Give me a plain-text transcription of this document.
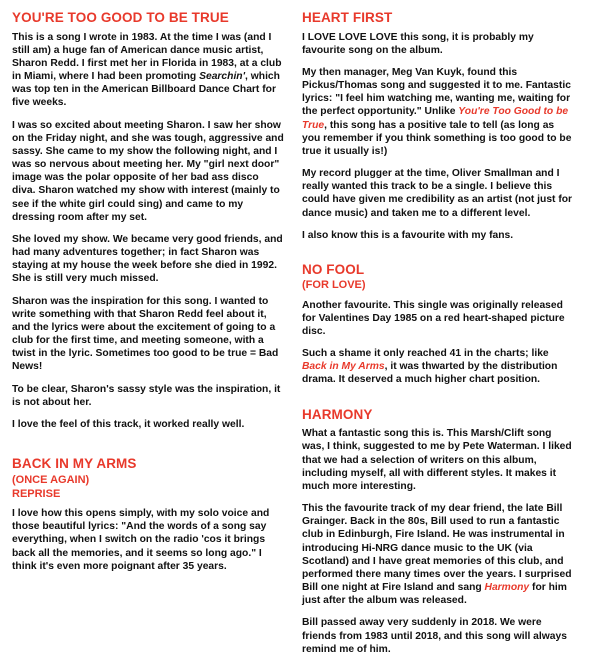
YOU'RE TOO GOOD TO BE TRUE

This is a song I wrote in 1983. At the time I was (and I still am) a huge fan of American dance music artist, Sharon Redd. I first met her in Florida in 1983, at a club in Miami, where I had been promoting Searchin', which was top ten in the American Billboard Dance Chart for five weeks.

I was so excited about meeting Sharon. I saw her show on the Friday night, and she was tough, aggressive and sassy. She came to my show the following night, and I was so nervous about meeting her. My "girl next door" image was the polar opposite of her bad ass disco diva. Sharon watched my show with interest (mainly to see if the white girl could sing) and came to my dressing room after my set.

She loved my show. We became very good friends, and had many adventures together; in fact Sharon was staying at my house the week before she died in 1992. She is still very much missed.

Sharon was the inspiration for this song. I wanted to write something with that Sharon Redd feel about it, and the lyrics were about the excitement of going to a club for the first time, and meeting someone, with a twist in the lyric. Sometimes too good to be true = Bad News!

To be clear, Sharon's sassy style was the inspiration, it is not about her.

I love the feel of this track, it worked really well.

BACK IN MY ARMS
(ONCE AGAIN)
REPRISE

I love how this opens simply, with my solo voice and those beautiful lyrics: "And the words of a song say everything, when I switch on the radio 'cos it brings back all the memories, and it seems so long ago." I think it's even more poignant after 35 years.

HEART FIRST

I LOVE LOVE LOVE this song, it is probably my favourite song on the album.

My then manager, Meg Van Kuyk, found this Pickus/Thomas song and suggested it to me. Fantastic lyrics: "I feel him watching me, wanting me, waiting for the perfect opportunity." Unlike You're Too Good to be True, this song has a positive tale to tell (as long as you remember if you think something is too good to be true it usually is!)

My record plugger at the time, Oliver Smallman and I really wanted this track to be a single. I believe this could have given me credibility as an artist (not just for dance music) and taken me to a different level.

I also know this is a favourite with my fans.

NO FOOL
(FOR LOVE)

Another favourite. This single was originally released for Valentines Day 1985 on a red heart-shaped picture disc.

Such a shame it only reached 41 in the charts; like Back in My Arms, it was thwarted by the distribution drama. It deserved a much higher chart position.

HARMONY

What a fantastic song this is. This Marsh/Clift song was, I think, suggested to me by Pete Waterman. I liked that we had a selection of writers on this album, including myself, all with different styles. It makes it much more interesting.

This the favourite track of my dear friend, the late Bill Grainger. Back in the 80s, Bill used to run a fantastic club in Edinburgh, Fire Island. He was instrumental in introducing Hi-NRG dance music to the UK (via Scotland) and I have great memories of this club, and performed there many times over the years. I surprised Bill one night at Fire Island and sang Harmony for him just after the album was released.

Bill passed away very suddenly in 2018. We were friends from 1983 until 2018, and this song will always remind me of him.
